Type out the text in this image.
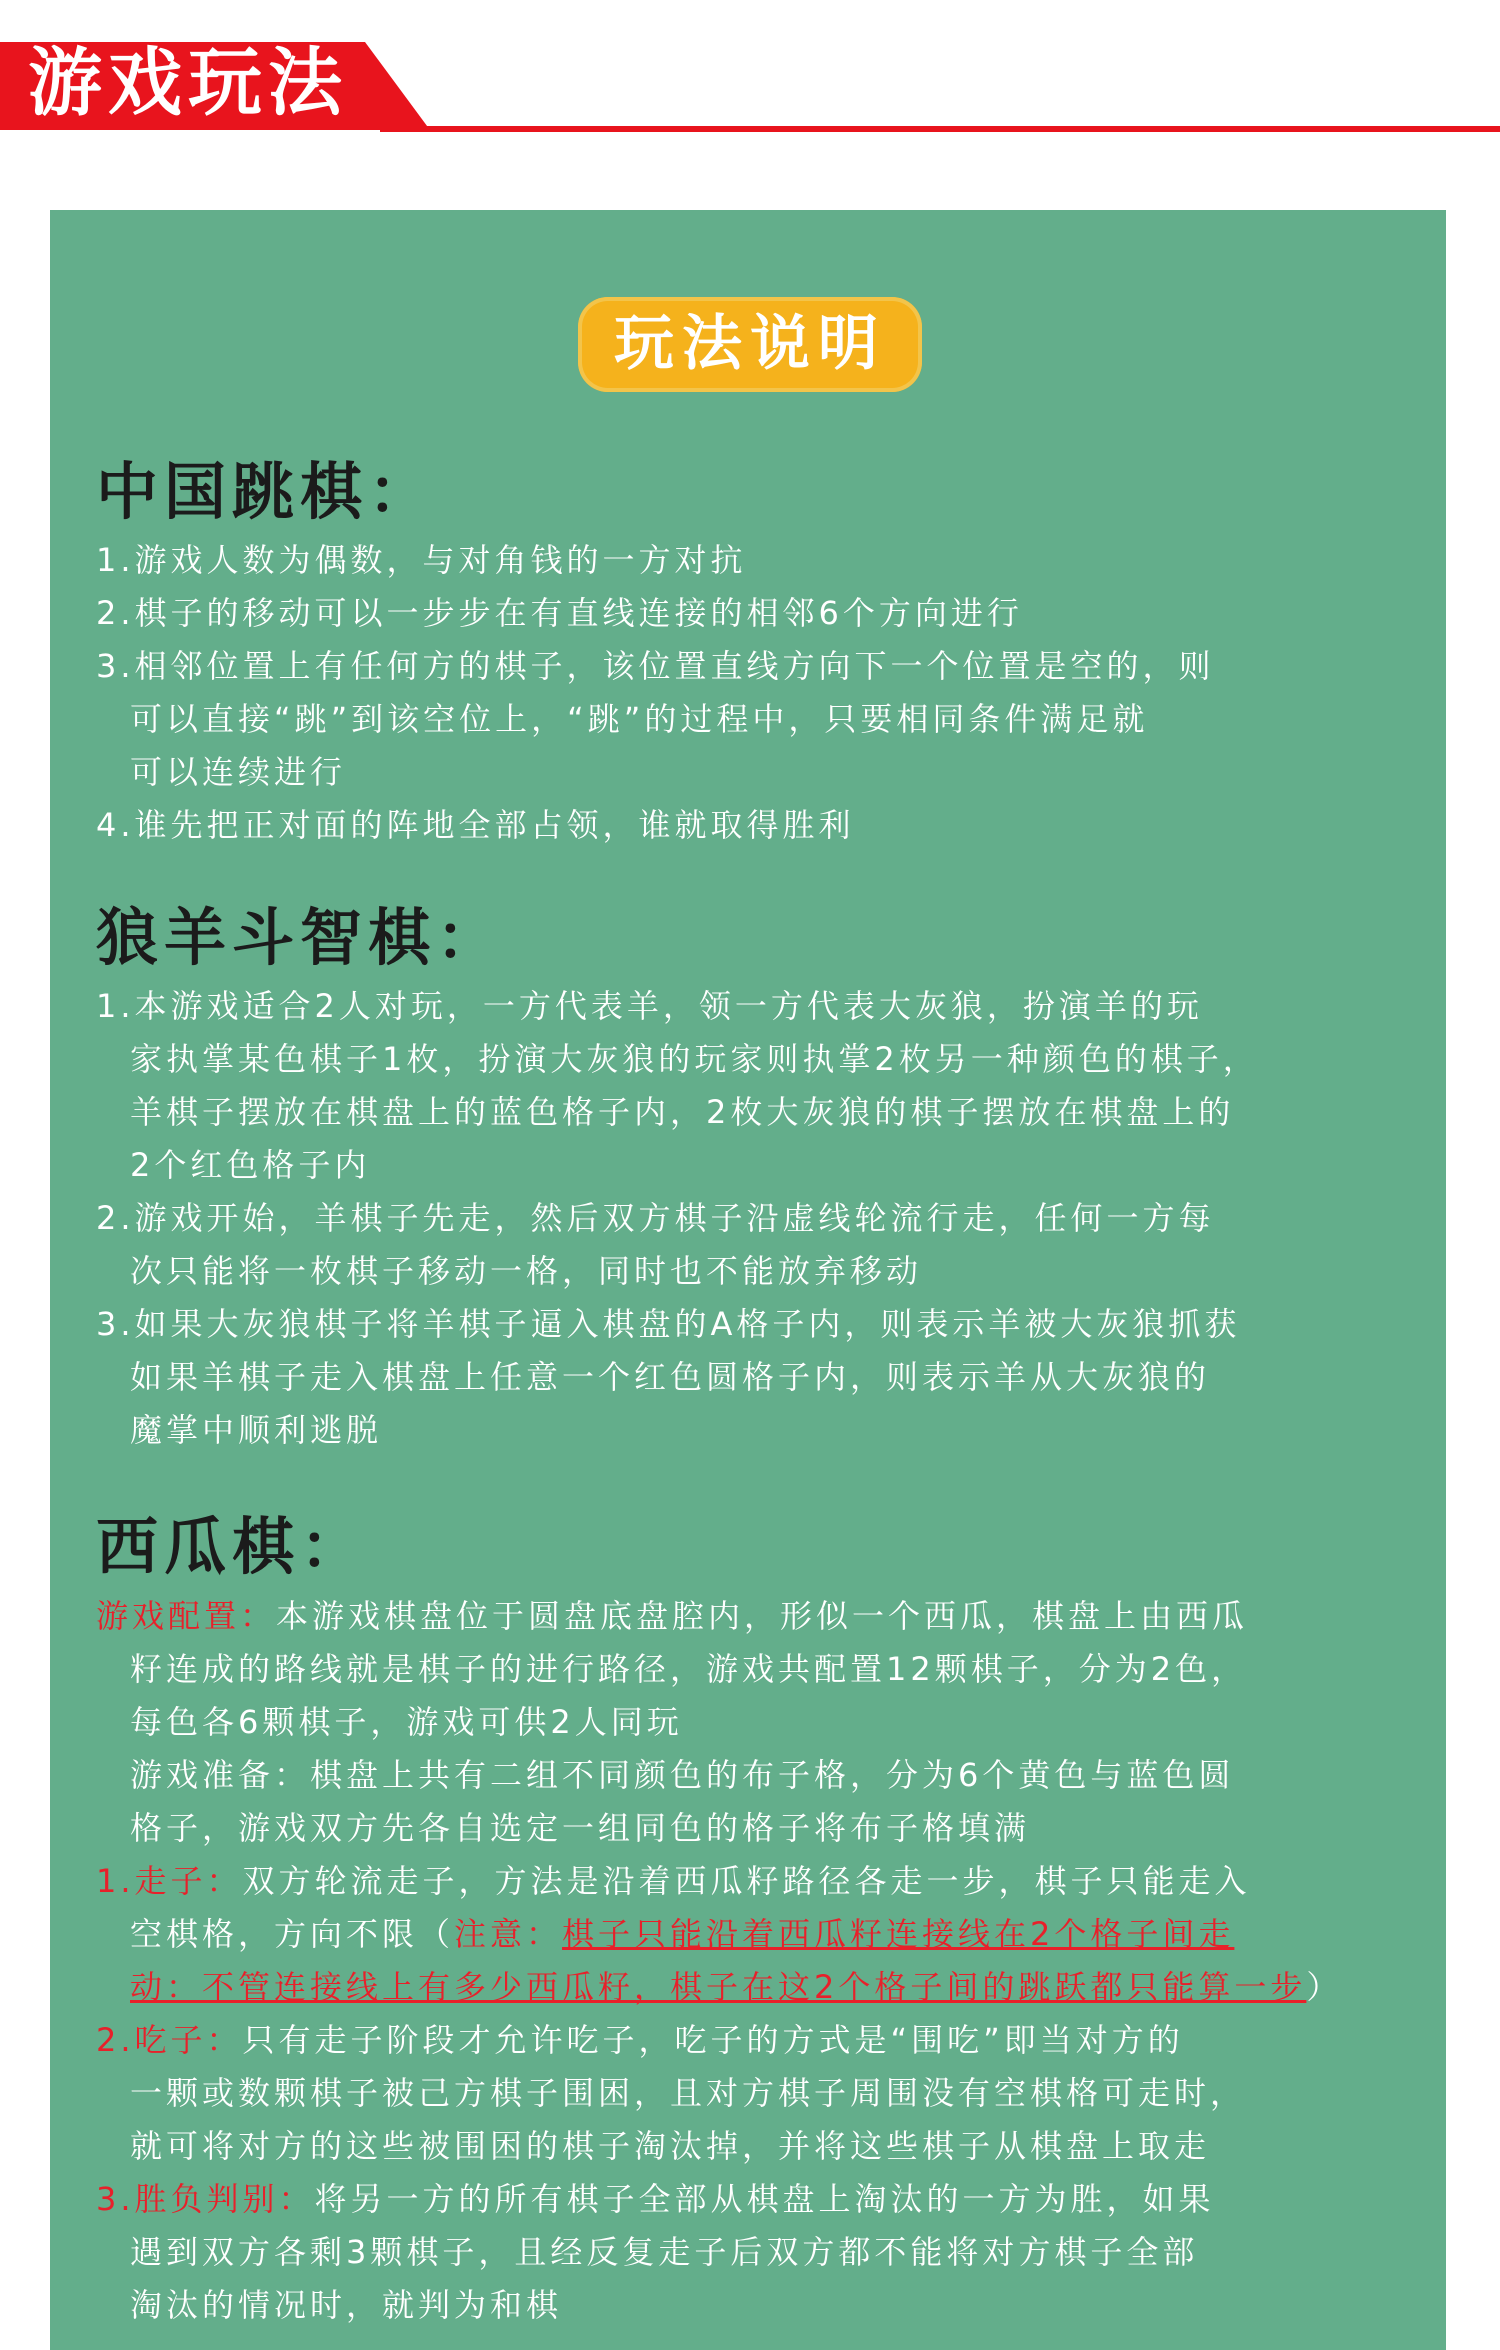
游戏玩法
玩法说明
中国跳棋：
1.游戏人数为偶数，与对角钱的一方对抗
2.棋子的移动可以一步步在有直线连接的相邻6个方向进行
3.相邻位置上有任何方的棋子，该位置直线方向下一个位置是空的，则
可以直接“跳”到该空位上，“跳”的过程中，只要相同条件满足就
可以连续进行
4.谁先把正对面的阵地全部占领，谁就取得胜利
狼羊斗智棋：
1.本游戏适合2人对玩，一方代表羊，领一方代表大灰狼，扮演羊的玩
家执掌某色棋子1枚，扮演大灰狼的玩家则执掌2枚另一种颜色的棋子，
羊棋子摆放在棋盘上的蓝色格子内，2枚大灰狼的棋子摆放在棋盘上的
2个红色格子内
2.游戏开始，羊棋子先走，然后双方棋子沿虚线轮流行走，任何一方每
次只能将一枚棋子移动一格，同时也不能放弃移动
3.如果大灰狼棋子将羊棋子逼入棋盘的A格子内，则表示羊被大灰狼抓获
如果羊棋子走入棋盘上任意一个红色圆格子内，则表示羊从大灰狼的
魔掌中顺利逃脱
西瓜棋：
游戏配置：本游戏棋盘位于圆盘底盘腔内，形似一个西瓜，棋盘上由西瓜
籽连成的路线就是棋子的进行路径，游戏共配置12颗棋子，分为2色，
每色各6颗棋子，游戏可供2人同玩
游戏准备：棋盘上共有二组不同颜色的布子格，分为6个黄色与蓝色圆
格子，游戏双方先各自选定一组同色的格子将布子格填满
1.走子：双方轮流走子，方法是沿着西瓜籽路径各走一步，棋子只能走入
空棋格，方向不限（注意：棋子只能沿着西瓜籽连接线在2个格子间走
动：不管连接线上有多少西瓜籽，棋子在这2个格子间的跳跃都只能算一步）
2.吃子：只有走子阶段才允许吃子，吃子的方式是“围吃”即当对方的
一颗或数颗棋子被己方棋子围困，且对方棋子周围没有空棋格可走时，
就可将对方的这些被围困的棋子淘汰掉，并将这些棋子从棋盘上取走
3.胜负判别：将另一方的所有棋子全部从棋盘上淘汰的一方为胜，如果
遇到双方各剩3颗棋子，且经反复走子后双方都不能将对方棋子全部
淘汰的情况时，就判为和棋
